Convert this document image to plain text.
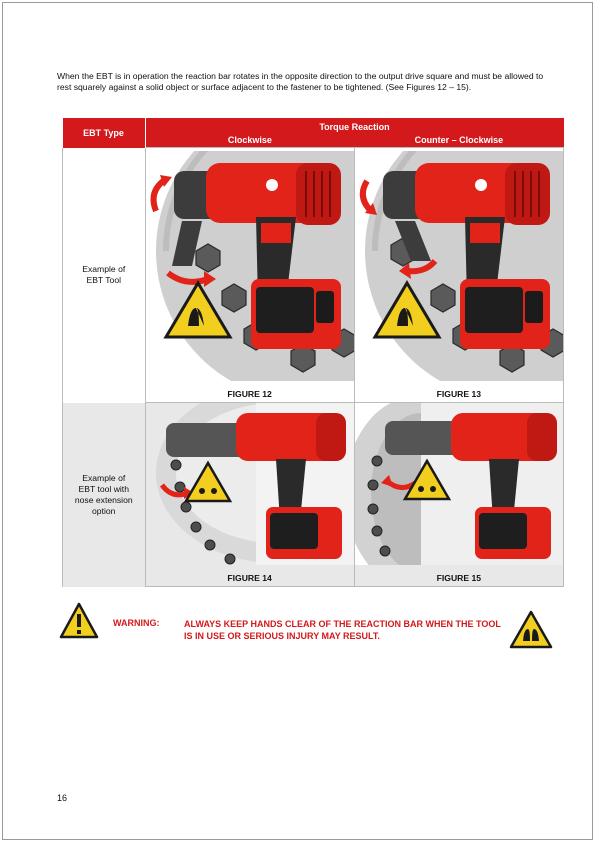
When the EBT is in operation the reaction bar rotates in the opposite direction to the output drive square and must be allowed to rest squarely against a solid object or surface adjacent to the fastener to be tightened. (See Figures 12 – 15).

EBT Type	Torque Reaction	
	Clockwise	Counter – Clockwise
Example of
EBT Tool	FIGURE 12	FIGURE 13

Example of
EBT tool with
nose extension
option	FIGURE 14	FIGURE 15
WARNING:	ALWAYS KEEP HANDS CLEAR OF THE REACTION BAR WHEN THE TOOL IS IN USE OR SERIOUS INJURY MAY RESULT.
16
